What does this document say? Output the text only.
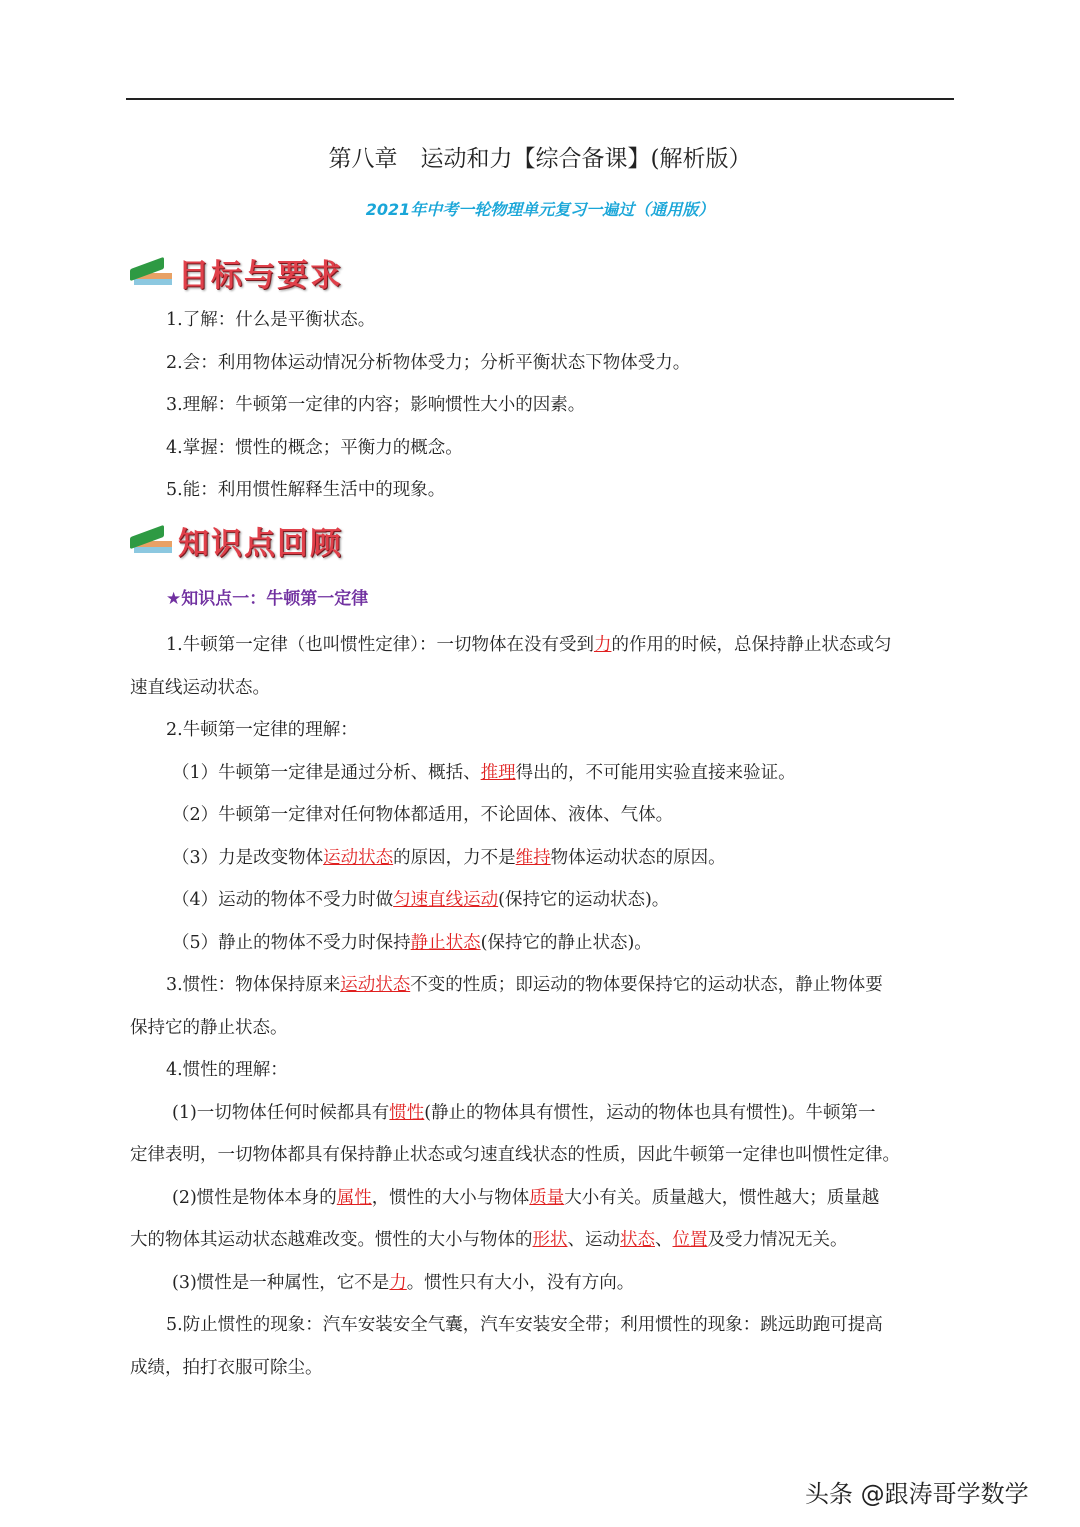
第八章　运动和力【综合备课】(解析版）
2021年中考一轮物理单元复习一遍过（通用版）
目标与要求
1.了解：什么是平衡状态。
2.会：利用物体运动情况分析物体受力；分析平衡状态下物体受力。
3.理解：牛顿第一定律的内容；影响惯性大小的因素。
4.掌握：惯性的概念；平衡力的概念。
5.能：利用惯性解释生活中的现象。
知识点回顾
★知识点一：牛顿第一定律
1.牛顿第一定律（也叫惯性定律）：一切物体在没有受到力的作用的时候，总保持静止状态或匀
速直线运动状态。
2.牛顿第一定律的理解：
（1）牛顿第一定律是通过分析、概括、推理得出的，不可能用实验直接来验证。
（2）牛顿第一定律对任何物体都适用，不论固体、液体、气体。
（3）力是改变物体运动状态的原因，力不是维持物体运动状态的原因。
（4）运动的物体不受力时做匀速直线运动(保持它的运动状态)。
（5）静止的物体不受力时保持静止状态(保持它的静止状态)。
3.惯性：物体保持原来运动状态不变的性质；即运动的物体要保持它的运动状态，静止物体要
保持它的静止状态。
4.惯性的理解：
(1)一切物体任何时候都具有惯性(静止的物体具有惯性，运动的物体也具有惯性)。牛顿第一
定律表明，一切物体都具有保持静止状态或匀速直线状态的性质，因此牛顿第一定律也叫惯性定律。
(2)惯性是物体本身的属性，惯性的大小与物体质量大小有关。质量越大，惯性越大；质量越
大的物体其运动状态越难改变。惯性的大小与物体的形状、运动状态、位置及受力情况无关。
(3)惯性是一种属性，它不是力。惯性只有大小，没有方向。
5.防止惯性的现象：汽车安装安全气囊，汽车安装安全带；利用惯性的现象：跳远助跑可提高
成绩，拍打衣服可除尘。
头条 @跟涛哥学数学
